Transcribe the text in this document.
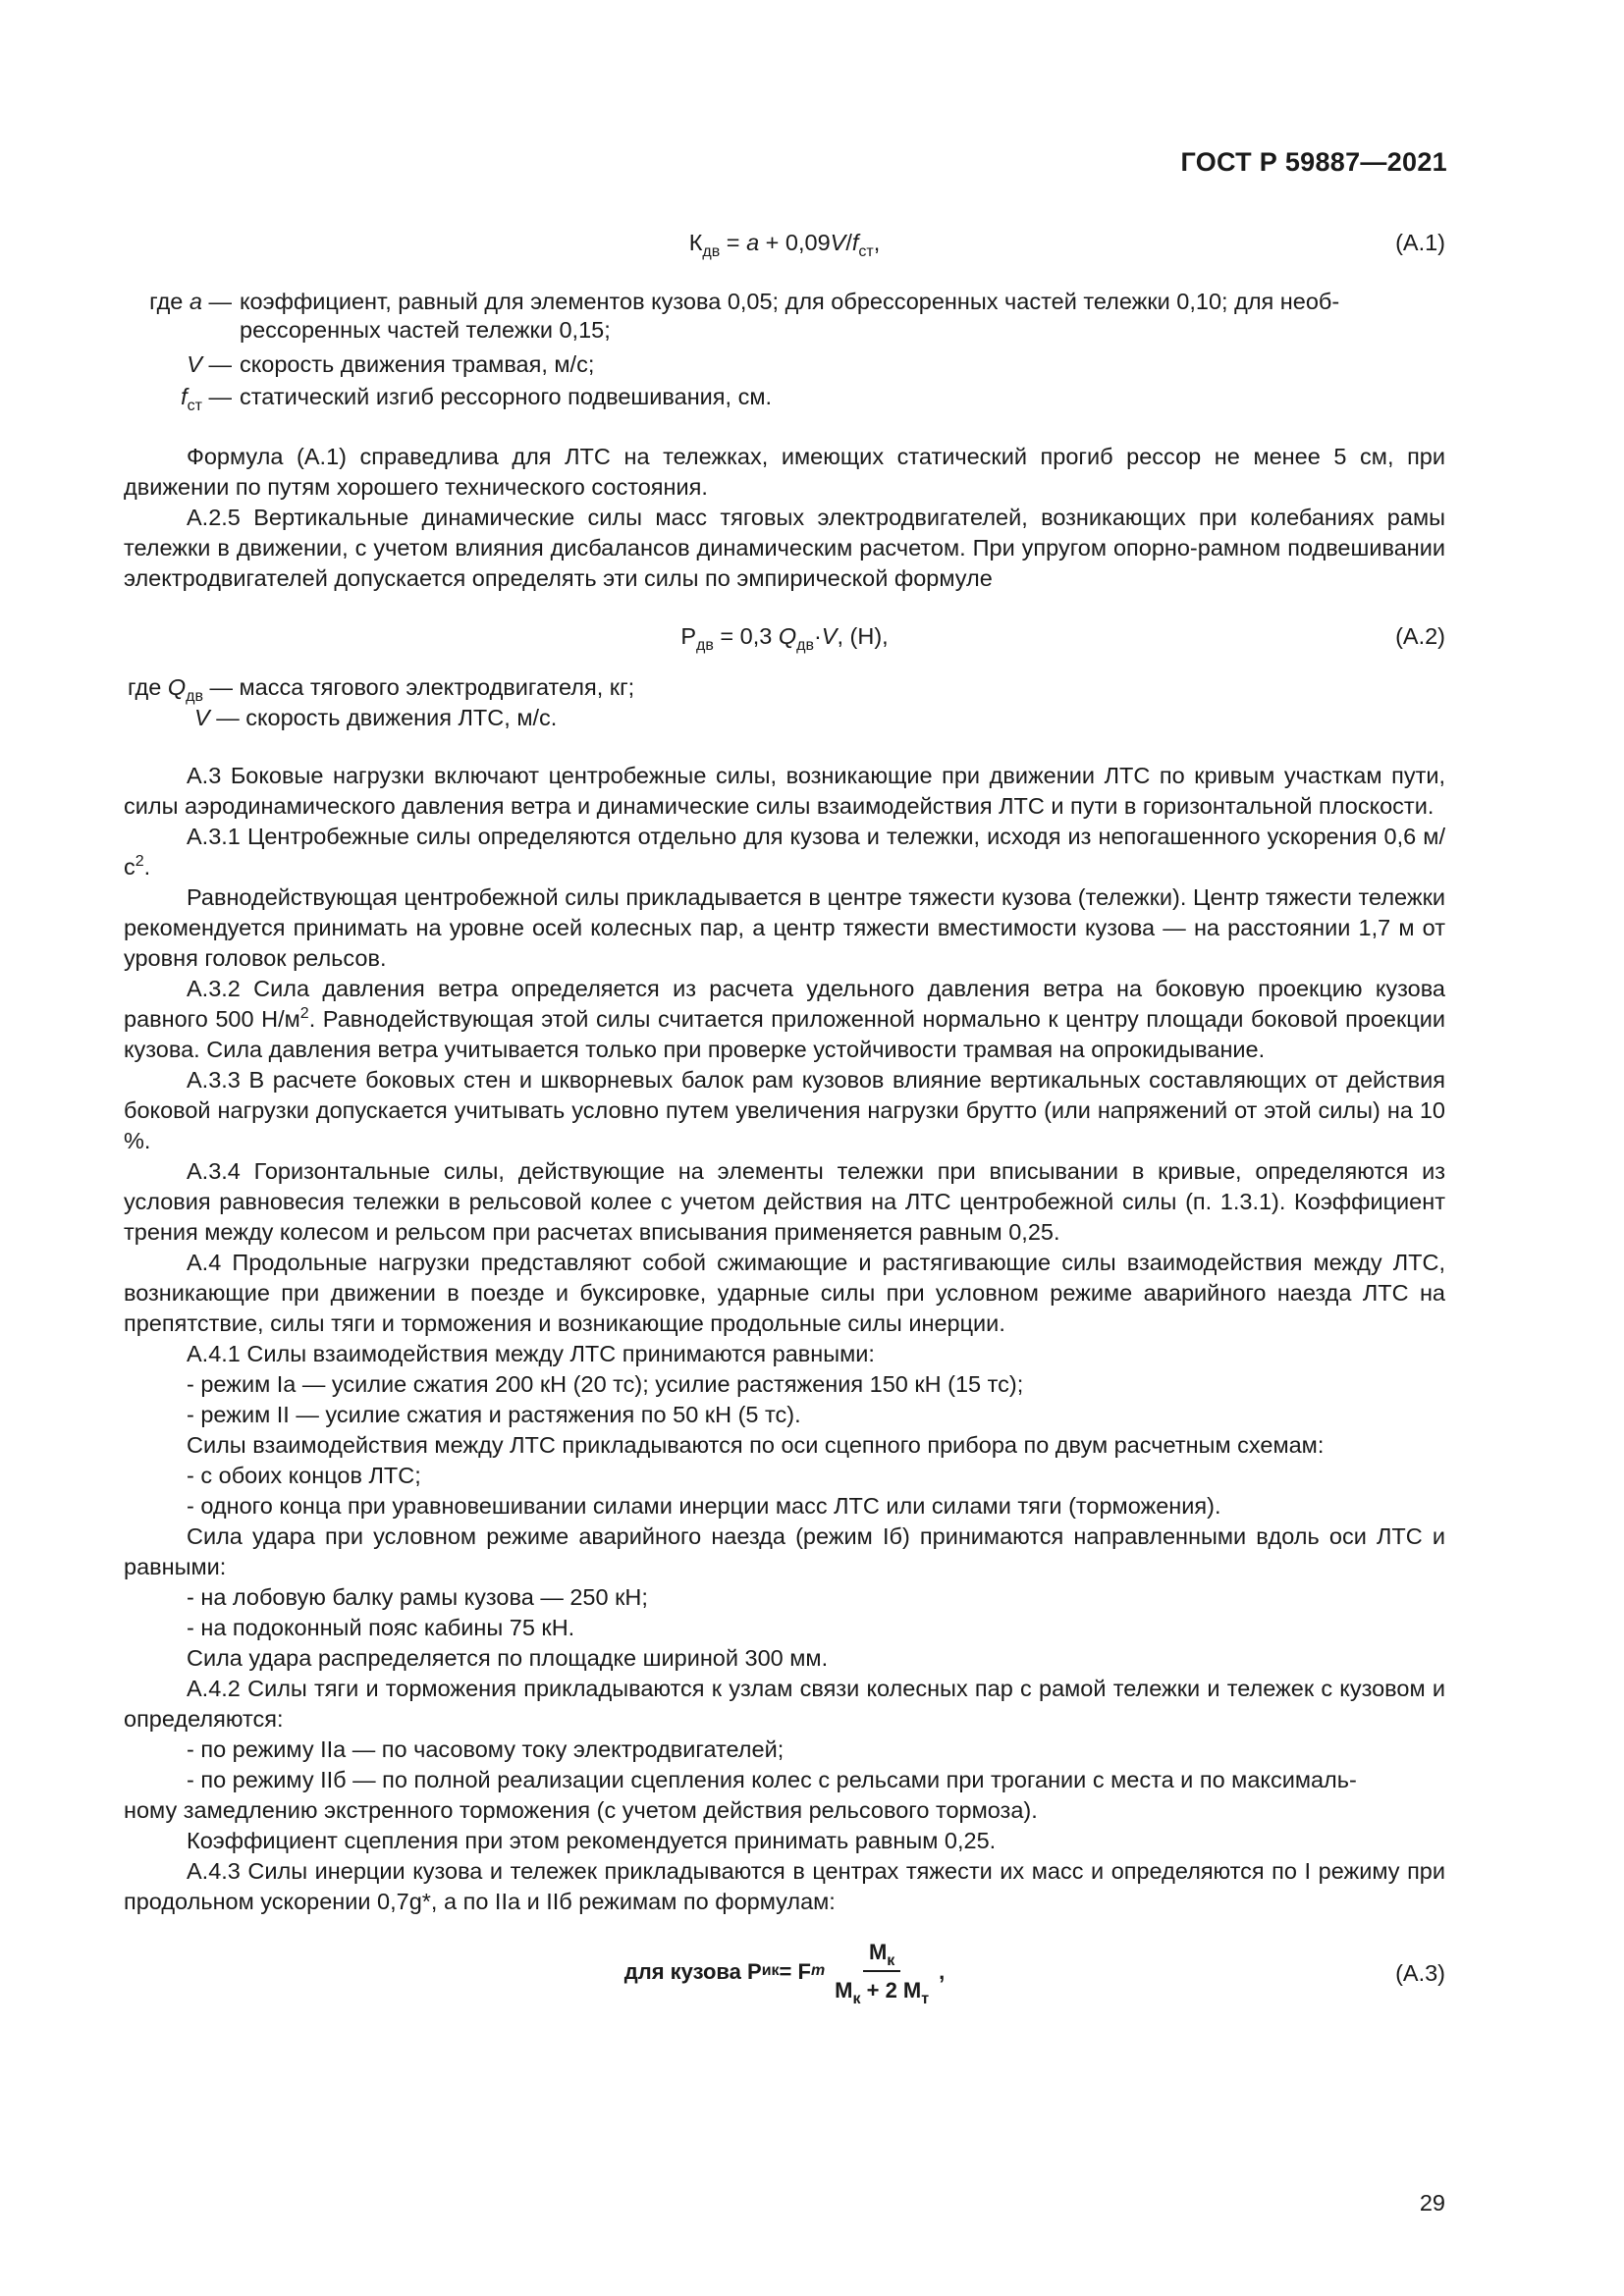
ГОСТ Р 59887—2021
$К_{дв} = a + 0,09V/f_{ст}$,	(А.1)
где a — коэффициент, равный для элементов кузова 0,05; для обрессоренных частей тележки 0,10; для необ-
рессоренных частей тележки 0,15;
V — скорость движения трамвая, м/с;
$f_{ст}$ — статический изгиб рессорного подвешивания, см.

Формула (А.1) справедлива для ЛТС на тележках, имеющих статический прогиб рессор не менее 5 см, при движении по путям хорошего технического состояния.

А.2.5 Вертикальные динамические силы масс тяговых электродвигателей, возникающих при колебаниях рамы тележки в движении, с учетом влияния дисбалансов динамическим расчетом. При упругом опорно-рамном подвешивании электродвигателей допускается определять эти силы по эмпирической формуле

$Р_{дв} = 0,3$ $Q_{дв}\cdot V$, (Н),	(А.2)
где $Q_{дв}$ — масса тягового электродвигателя, кг;
V — скорость движения ЛТС, м/с.

А.3 Боковые нагрузки включают центробежные силы, возникающие при движении ЛТС по кривым участкам пути, силы аэродинамического давления ветра и динамические силы взаимодействия ЛТС и пути в горизонтальной плоскости.

А.3.1 Центробежные силы определяются отдельно для кузова и тележки, исходя из непогашенного ускорения 0,6 $м/с^2$.

Равнодействующая центробежной силы прикладывается в центре тяжести кузова (тележки). Центр тяжести тележки рекомендуется принимать на уровне осей колесных пар, а центр тяжести вместимости кузова — на расстоянии 1,7 м от уровня головок рельсов.

А.3.2 Сила давления ветра определяется из расчета удельного давления ветра на боковую проекцию кузова равного 500 $Н/м^2$. Равнодействующая этой силы считается приложенной нормально к центру площади боковой проекции кузова. Сила давления ветра учитывается только при проверке устойчивости трамвая на опрокидывание.

А.3.3 В расчете боковых стен и шкворневых балок рам кузовов влияние вертикальных составляющих от действия боковой нагрузки допускается учитывать условно путем увеличения нагрузки брутто (или напряжений от этой силы) на 10 %.

А.3.4 Горизонтальные силы, действующие на элементы тележки при вписывании в кривые, определяются из условия равновесия тележки в рельсовой колее с учетом действия на ЛТС центробежной силы (п. 1.3.1). Коэффициент трения между колесом и рельсом при расчетах вписывания применяется равным 0,25.

А.4 Продольные нагрузки представляют собой сжимающие и растягивающие силы взаимодействия между ЛТС, возникающие при движении в поезде и буксировке, ударные силы при условном режиме аварийного наезда ЛТС на препятствие, силы тяги и торможения и возникающие продольные силы инерции.

А.4.1 Силы взаимодействия между ЛТС принимаются равными:

- режим Iа — усилие сжатия 200 кН (20 тс); усилие растяжения 150 кН (15 тс);

- режим II — усилие сжатия и растяжения по 50 кН (5 тс).

Силы взаимодействия между ЛТС прикладываются по оси сцепного прибора по двум расчетным схемам:

- с обоих концов ЛТС;

- одного конца при уравновешивании силами инерции масс ЛТС или силами тяги (торможения).

Сила удара при условном режиме аварийного наезда (режим Iб) принимаются направленными вдоль оси ЛТС и равными:

- на лобовую балку рамы кузова — 250 кН;

- на подоконный пояс кабины 75 кН.

Сила удара распределяется по площадке шириной 300 мм.

А.4.2 Силы тяги и торможения прикладываются к узлам связи колесных пар с рамой тележки и тележек с кузовом и определяются:

- по режиму IIа — по часовому току электродвигателей;

- по режиму IIб — по полной реализации сцепления колес с рельсами при трогании с места и по максималь-

ному замедлению экстренного торможения (с учетом действия рельсового тормоза).

Коэффициент сцепления при этом рекомендуется принимать равным 0,25.

А.4.3 Силы инерции кузова и тележек прикладываются в центрах тяжести их масс и определяются по I режиму при продольном ускорении 0,7g*, а по IIа и IIб режимам по формулам:

для кузова Р ик = F m $\frac{М_к}{М_к + 2 М_т}$ ,	(А.3)
29
